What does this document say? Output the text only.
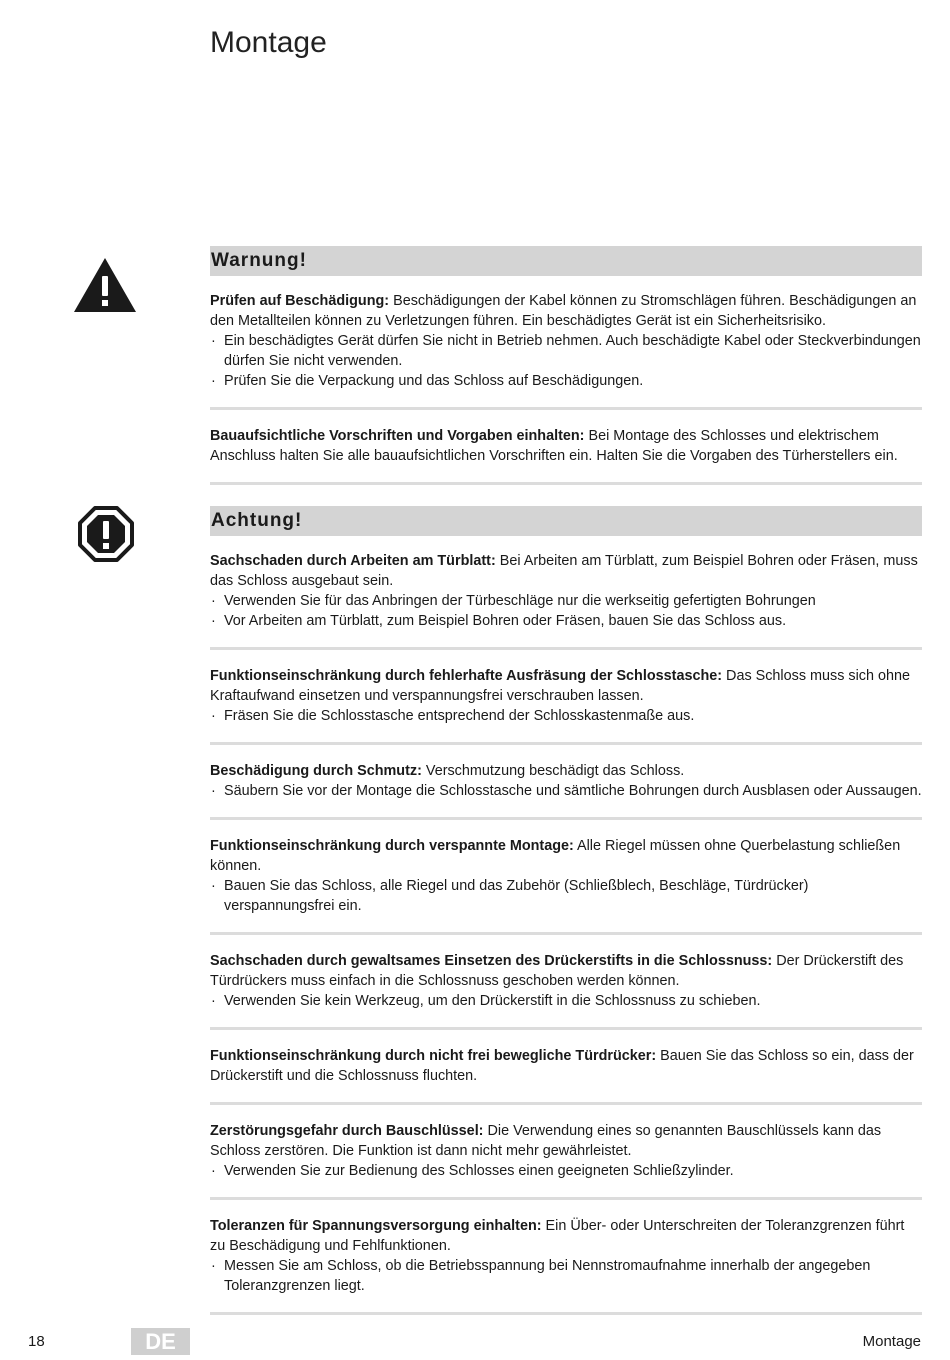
Montage
Warnung!

Prüfen auf Beschädigung: Beschädigungen der Kabel können zu Stromschlägen führen. Beschädigungen an den Metallteilen können zu Verletzungen führen. Ein beschädigtes Gerät ist ein Sicherheitsrisiko.

· Ein beschädigtes Gerät dürfen Sie nicht in Betrieb nehmen. Auch beschädigte Kabel oder Steckverbindungen dürfen Sie nicht verwenden.
· Prüfen Sie die Verpackung und das Schloss auf Beschädigungen.

Bauaufsichtliche Vorschriften und Vorgaben einhalten: Bei Montage des Schlosses und elektrischem Anschluss halten Sie alle bauaufsichtlichen Vorschriften ein. Halten Sie die Vorgaben des Türherstellers ein.

Achtung!

Sachschaden durch Arbeiten am Türblatt: Bei Arbeiten am Türblatt, zum Beispiel Bohren oder Fräsen, muss das Schloss ausgebaut sein.

· Verwenden Sie für das Anbringen der Türbeschläge nur die werkseitig gefertigten Bohrungen
· Vor Arbeiten am Türblatt, zum Beispiel Bohren oder Fräsen, bauen Sie das Schloss aus.

Funktionseinschränkung durch fehlerhafte Ausfräsung der Schlosstasche: Das Schloss muss sich ohne Kraftaufwand einsetzen und verspannungsfrei verschrauben lassen.

· Fräsen Sie die Schlosstasche entsprechend der Schlosskastenmaße aus.

Beschädigung durch Schmutz: Verschmutzung beschädigt das Schloss.

· Säubern Sie vor der Montage die Schlosstasche und sämtliche Bohrungen durch Ausblasen oder Aussaugen.

Funktionseinschränkung durch verspannte Montage: Alle Riegel müssen ohne Querbelastung schließen können.

· Bauen Sie das Schloss, alle Riegel und das Zubehör (Schließblech, Beschläge, Türdrücker) verspannungsfrei ein.

Sachschaden durch gewaltsames Einsetzen des Drückerstifts in die Schlossnuss: Der Drückerstift des Türdrückers muss einfach in die Schlossnuss geschoben werden können.

· Verwenden Sie kein Werkzeug, um den Drückerstift in die Schlossnuss zu schieben.

Funktionseinschränkung durch nicht frei bewegliche Türdrücker: Bauen Sie das Schloss so ein, dass der Drückerstift und die Schlossnuss fluchten.

Zerstörungsgefahr durch Bauschlüssel: Die Verwendung eines so genannten Bauschlüssels kann das Schloss zerstören. Die Funktion ist dann nicht mehr gewährleistet.

· Verwenden Sie zur Bedienung des Schlosses einen geeigneten Schließzylinder.

Toleranzen für Spannungsversorgung einhalten: Ein Über- oder Unterschreiten der Toleranzgrenzen führt zu Beschädigung und Fehlfunktionen.

· Messen Sie am Schloss, ob die Betriebsspannung bei Nennstromaufnahme innerhalb der angegeben Toleranzgrenzen liegt.
18	DE	Montage
